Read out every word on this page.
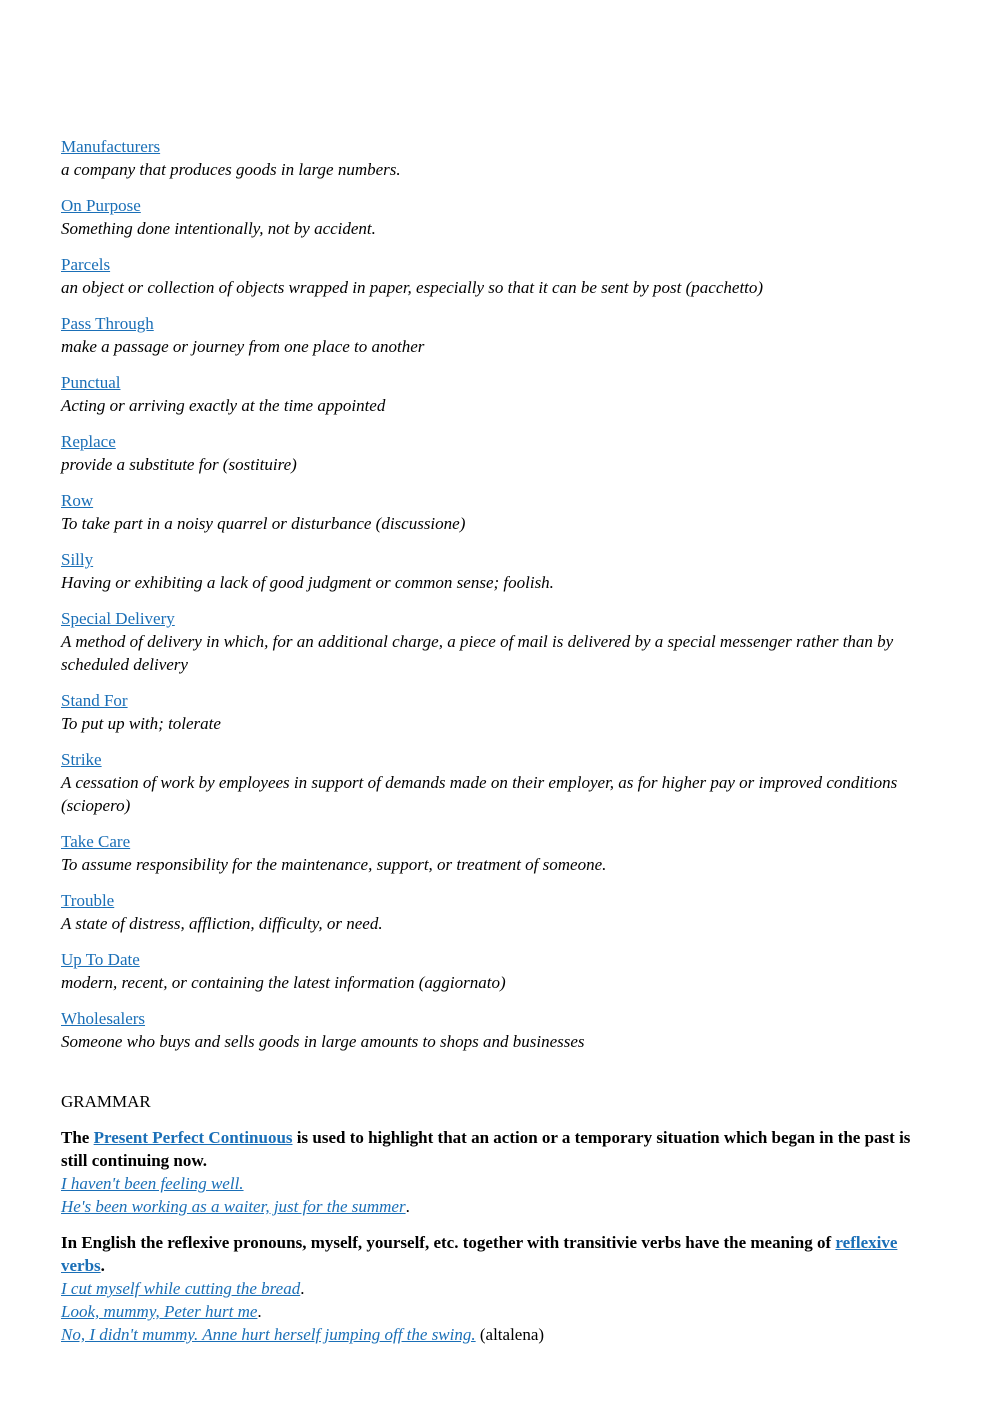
Manufacturers
a company that produces goods in large numbers.
On Purpose
Something done intentionally, not by accident.
Parcels
an object or collection of objects wrapped in paper, especially so that it can be sent by post (pacchetto)
Pass Through
make a passage or journey from one place to another
Punctual
Acting or arriving exactly at the time appointed
Replace
provide a substitute for (sostituire)
Row
To take part in a noisy quarrel or disturbance (discussione)
Silly
Having or exhibiting a lack of good judgment or common sense; foolish.
Special Delivery
A method of delivery in which, for an additional charge, a piece of mail is delivered by a special messenger rather than by scheduled delivery
Stand For
To put up with; tolerate
Strike
A cessation of work by employees in support of demands made on their employer, as for higher pay or improved conditions (sciopero)
Take Care
To assume responsibility for the maintenance, support, or treatment of someone.
Trouble
A state of distress, affliction, difficulty, or need.
Up To Date
modern, recent, or containing the latest information (aggiornato)
Wholesalers
Someone who buys and sells goods in large amounts to shops and businesses
GRAMMAR
The Present Perfect Continuous is used to highlight that an action or a temporary situation which began in the past is still continuing now.
I haven't been feeling well.
He's been working as a waiter, just for the summer.
In English the reflexive pronouns, myself, yourself, etc. together with transitivie verbs have the meaning of reflexive verbs.
I cut myself while cutting the bread.
Look, mummy, Peter hurt me.
No, I didn't mummy. Anne hurt herself jumping off the swing. (altalena)
